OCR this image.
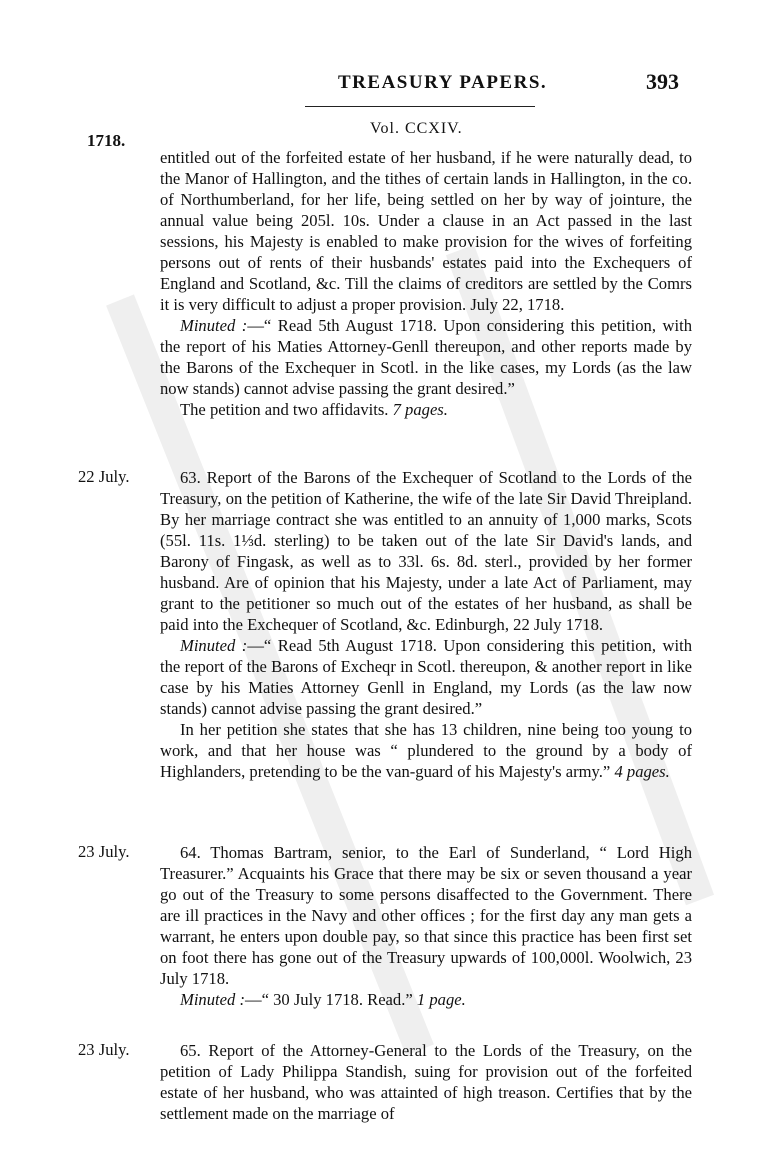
TREASURY PAPERS.	393
Vol. CCXIV.
1718.

entitled out of the forfeited estate of her husband, if he were naturally dead, to the Manor of Hallington, and the tithes of certain lands in Hallington, in the co. of Northumberland, for her life, being settled on her by way of jointure, the annual value being 205l. 10s. Under a clause in an Act passed in the last sessions, his Majesty is enabled to make provision for the wives of forfeiting persons out of rents of their husbands' estates paid into the Exchequers of England and Scotland, &c. Till the claims of creditors are settled by the Comrs it is very difficult to adjust a proper provision. July 22, 1718.

Minuted :—“ Read 5th August 1718. Upon considering this petition, with the report of his Maties Attorney-Genll thereupon, and other reports made by the Barons of the Exchequer in Scotl. in the like cases, my Lords (as the law now stands) cannot advise passing the grant desired.”

The petition and two affidavits. 7 pages.

22 July.	63. Report of the Barons of the Exchequer of Scotland to the Lords of the Treasury, on the petition of Katherine, the wife of the late Sir David Threipland. By her marriage contract she was entitled to an annuity of 1,000 marks, Scots (55l. 11s. 1⅓d. sterling) to be taken out of the late Sir David's lands, and Barony of Fingask, as well as to 33l. 6s. 8d. sterl., provided by her former husband. Are of opinion that his Majesty, under a late Act of Parliament, may grant to the petitioner so much out of the estates of her husband, as shall be paid into the Exchequer of Scotland, &c. Edinburgh, 22 July 1718.

Minuted :—“ Read 5th August 1718. Upon considering this petition, with the report of the Barons of Excheqr in Scotl. thereupon, & another report in like case by his Maties Attorney Genll in England, my Lords (as the law now stands) cannot advise passing the grant desired.”

In her petition she states that she has 13 children, nine being too young to work, and that her house was “ plundered to the ground by a body of Highlanders, pretending to be the van-guard of his Majesty's army.” 4 pages.

23 July.	64. Thomas Bartram, senior, to the Earl of Sunderland, “ Lord High Treasurer.” Acquaints his Grace that there may be six or seven thousand a year go out of the Treasury to some persons disaffected to the Government. There are ill practices in the Navy and other offices ; for the first day any man gets a warrant, he enters upon double pay, so that since this practice has been first set on foot there has gone out of the Treasury upwards of 100,000l. Woolwich, 23 July 1718.

Minuted :—“ 30 July 1718. Read.” 1 page.

23 July.	65. Report of the Attorney-General to the Lords of the Treasury, on the petition of Lady Philippa Standish, suing for provision out of the forfeited estate of her husband, who was attainted of high treason. Certifies that by the settlement made on the marriage of
